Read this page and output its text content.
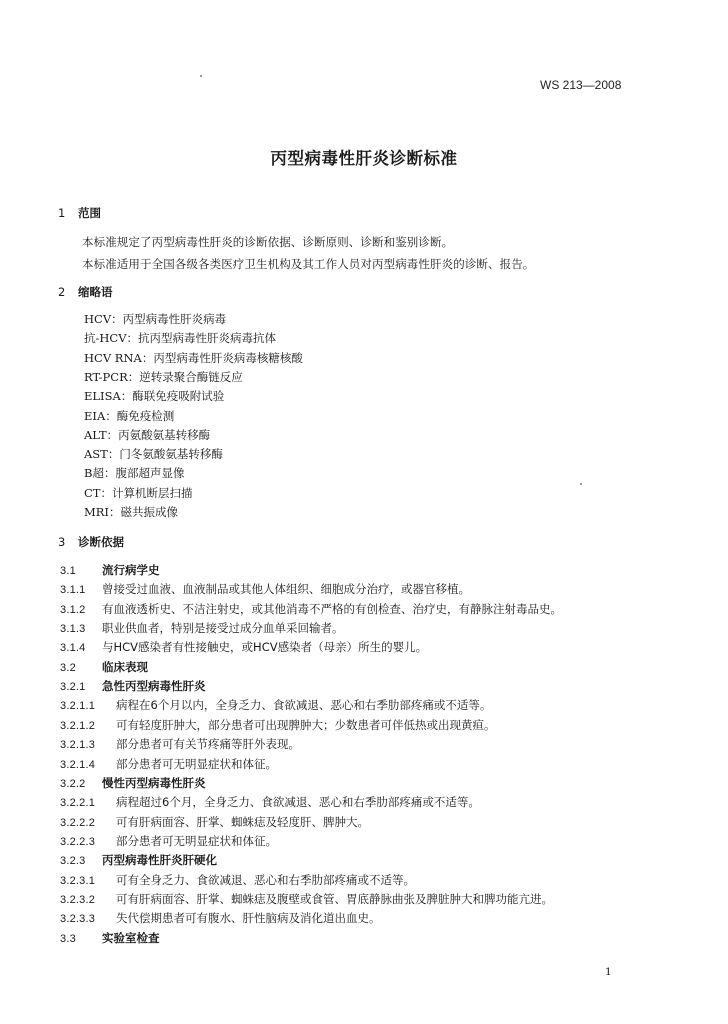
WS 213—2008
丙型病毒性肝炎诊断标准
1 范围
本标准规定了丙型病毒性肝炎的诊断依据、诊断原则、诊断和鉴别诊断。
本标准适用于全国各级各类医疗卫生机构及其工作人员对丙型病毒性肝炎的诊断、报告。
2 缩略语
HCV：丙型病毒性肝炎病毒
抗-HCV：抗丙型病毒性肝炎病毒抗体
HCV RNA：丙型病毒性肝炎病毒核糖核酸
RT-PCR：逆转录聚合酶链反应
ELISA：酶联免疫吸附试验
EIA：酶免疫检测
ALT：丙氨酸氨基转移酶
AST：门冬氨酸氨基转移酶
B超：腹部超声显像
CT：计算机断层扫描
MRI：磁共振成像
3 诊断依据
3.1 流行病学史
3.1.1 曾接受过血液、血液制品或其他人体组织、细胞成分治疗，或器官移植。
3.1.2 有血液透析史、不洁注射史，或其他消毒不严格的有创检查、治疗史，有静脉注射毒品史。
3.1.3 职业供血者，特别是接受过成分血单采回输者。
3.1.4 与HCV感染者有性接触史，或HCV感染者（母亲）所生的婴儿。
3.2 临床表现
3.2.1 急性丙型病毒性肝炎
3.2.1.1 病程在6个月以内，全身乏力、食欲减退、恶心和右季肋部疼痛或不适等。
3.2.1.2 可有轻度肝肿大，部分患者可出现脾肿大；少数患者可伴低热或出现黄疸。
3.2.1.3 部分患者可有关节疼痛等肝外表现。
3.2.1.4 部分患者可无明显症状和体征。
3.2.2 慢性丙型病毒性肝炎
3.2.2.1 病程超过6个月，全身乏力、食欲减退、恶心和右季肋部疼痛或不适等。
3.2.2.2 可有肝病面容、肝掌、蜘蛛痣及轻度肝、脾肿大。
3.2.2.3 部分患者可无明显症状和体征。
3.2.3 丙型病毒性肝炎肝硬化
3.2.3.1 可有全身乏力、食欲减退、恶心和右季肋部疼痛或不适等。
3.2.3.2 可有肝病面容、肝掌、蜘蛛痣及腹壁或食管、胃底静脉曲张及脾脏肿大和脾功能亢进。
3.2.3.3 失代偿期患者可有腹水、肝性脑病及消化道出血史。
3.3 实验室检查
1
